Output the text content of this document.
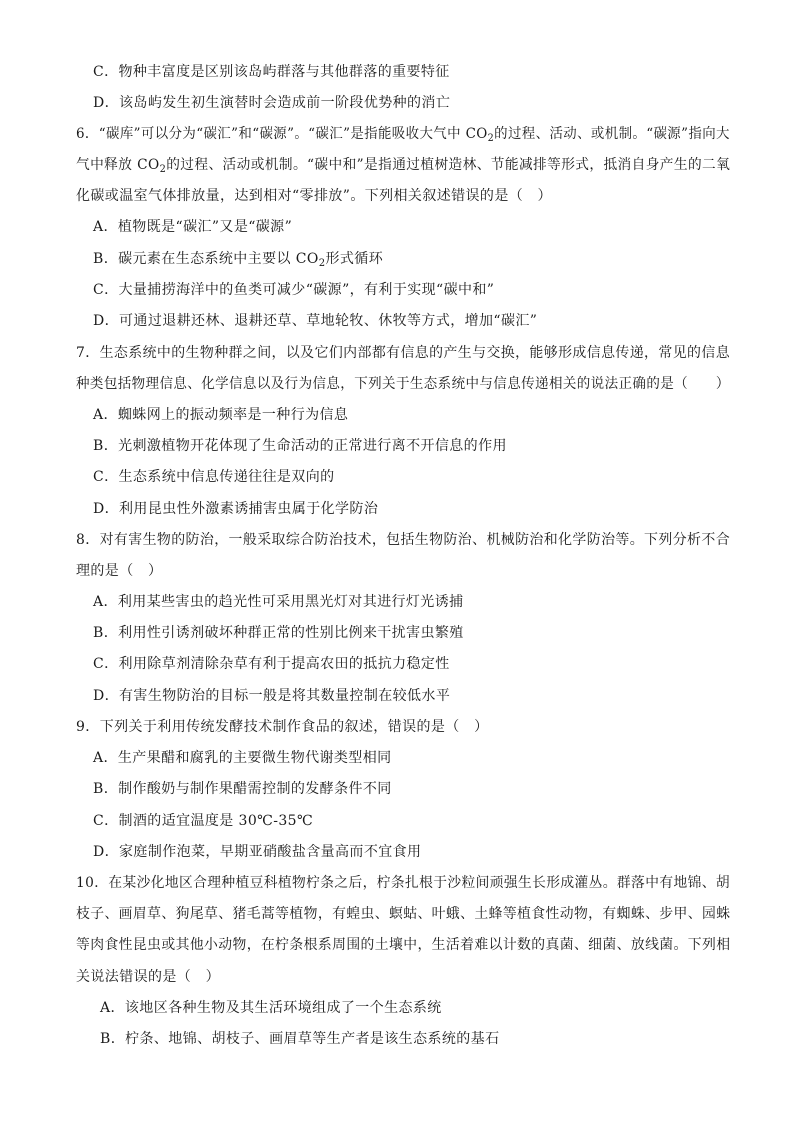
C．物种丰富度是区别该岛屿群落与其他群落的重要特征
D．该岛屿发生初生演替时会造成前一阶段优势种的消亡
6．“碳库”可以分为“碳汇”和“碳源”。“碳汇”是指能吸收大气中 $CO_2$的过程、活动、或机制。“碳源”指向大
气中释放 $CO_2$的过程、活动或机制。“碳中和”是指通过植树造林、节能减排等形式，抵消自身产生的二氧
化碳或温室气体排放量，达到相对“零排放”。下列相关叙述错误的是（　）
A．植物既是“碳汇”又是“碳源”
B．碳元素在生态系统中主要以 $CO_2$形式循环
C．大量捕捞海洋中的鱼类可减少“碳源”，有利于实现“碳中和”
D．可通过退耕还林、退耕还草、草地轮牧、休牧等方式，增加“碳汇”
7．生态系统中的生物种群之间，以及它们内部都有信息的产生与交换，能够形成信息传递，常见的信息
种类包括物理信息、化学信息以及行为信息，下列关于生态系统中与信息传递相关的说法正确的是（　　）
A．蜘蛛网上的振动频率是一种行为信息
B．光刺激植物开花体现了生命活动的正常进行离不开信息的作用
C．生态系统中信息传递往往是双向的
D．利用昆虫性外激素诱捕害虫属于化学防治
8．对有害生物的防治，一般采取综合防治技术，包括生物防治、机械防治和化学防治等。下列分析不合
理的是（　）
A．利用某些害虫的趋光性可采用黑光灯对其进行灯光诱捕
B．利用性引诱剂破坏种群正常的性别比例来干扰害虫繁殖
C．利用除草剂清除杂草有利于提高农田的抵抗力稳定性
D．有害生物防治的目标一般是将其数量控制在较低水平
9．下列关于利用传统发酵技术制作食品的叙述，错误的是（　）
A．生产果醋和腐乳的主要微生物代谢类型相同
B．制作酸奶与制作果醋需控制的发酵条件不同
C．制酒的适宜温度是 30℃-35℃
D．家庭制作泡菜，早期亚硝酸盐含量高而不宜食用
10．在某沙化地区合理种植豆科植物柠条之后，柠条扎根于沙粒间顽强生长形成灌丛。群落中有地锦、胡
枝子、画眉草、狗尾草、猪毛蒿等植物，有蝗虫、螟蛄、叶蛾、土蜂等植食性动物，有蜘蛛、步甲、园蛛
等肉食性昆虫或其他小动物，在柠条根系周围的土壤中，生活着难以计数的真菌、细菌、放线菌。下列相
关说法错误的是（　）
A．该地区各种生物及其生活环境组成了一个生态系统
B．柠条、地锦、胡枝子、画眉草等生产者是该生态系统的基石
